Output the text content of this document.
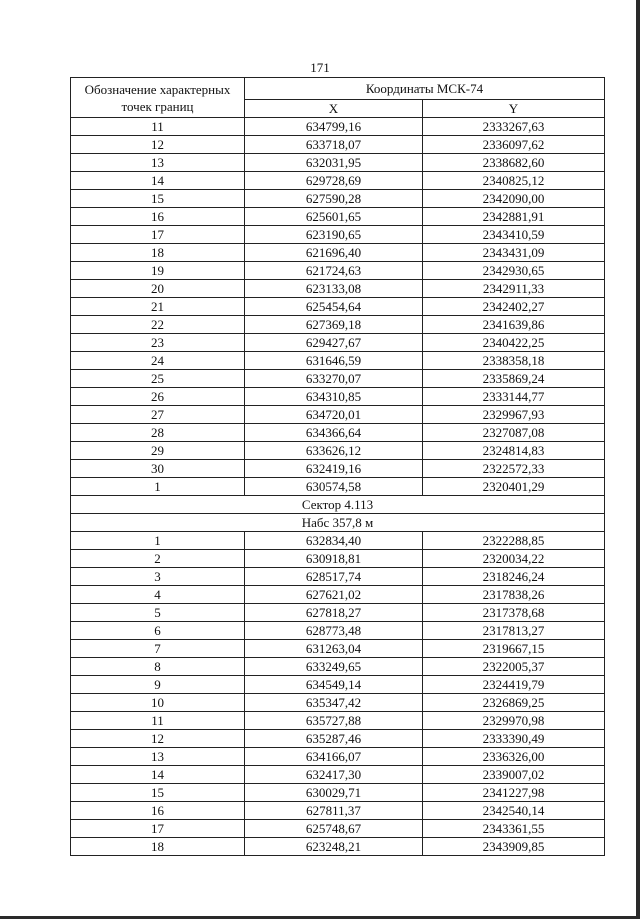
171
Обозначение характерных точек границ	Координаты МСК-74	
	X	Y
11	634799,16	2333267,63
12	633718,07	2336097,62
13	632031,95	2338682,60
14	629728,69	2340825,12
15	627590,28	2342090,00
16	625601,65	2342881,91
17	623190,65	2343410,59
18	621696,40	2343431,09
19	621724,63	2342930,65
20	623133,08	2342911,33
21	625454,64	2342402,27
22	627369,18	2341639,86
23	629427,67	2340422,25
24	631646,59	2338358,18
25	633270,07	2335869,24
26	634310,85	2333144,77
27	634720,01	2329967,93
28	634366,64	2327087,08
29	633626,12	2324814,83
30	632419,16	2322572,33
1	630574,58	2320401,29
Сектор 4.113		
Набс 357,8 м		
1	632834,40	2322288,85
2	630918,81	2320034,22
3	628517,74	2318246,24
4	627621,02	2317838,26
5	627818,27	2317378,68
6	628773,48	2317813,27
7	631263,04	2319667,15
8	633249,65	2322005,37
9	634549,14	2324419,79
10	635347,42	2326869,25
11	635727,88	2329970,98
12	635287,46	2333390,49
13	634166,07	2336326,00
14	632417,30	2339007,02
15	630029,71	2341227,98
16	627811,37	2342540,14
17	625748,67	2343361,55
18	623248,21	2343909,85
